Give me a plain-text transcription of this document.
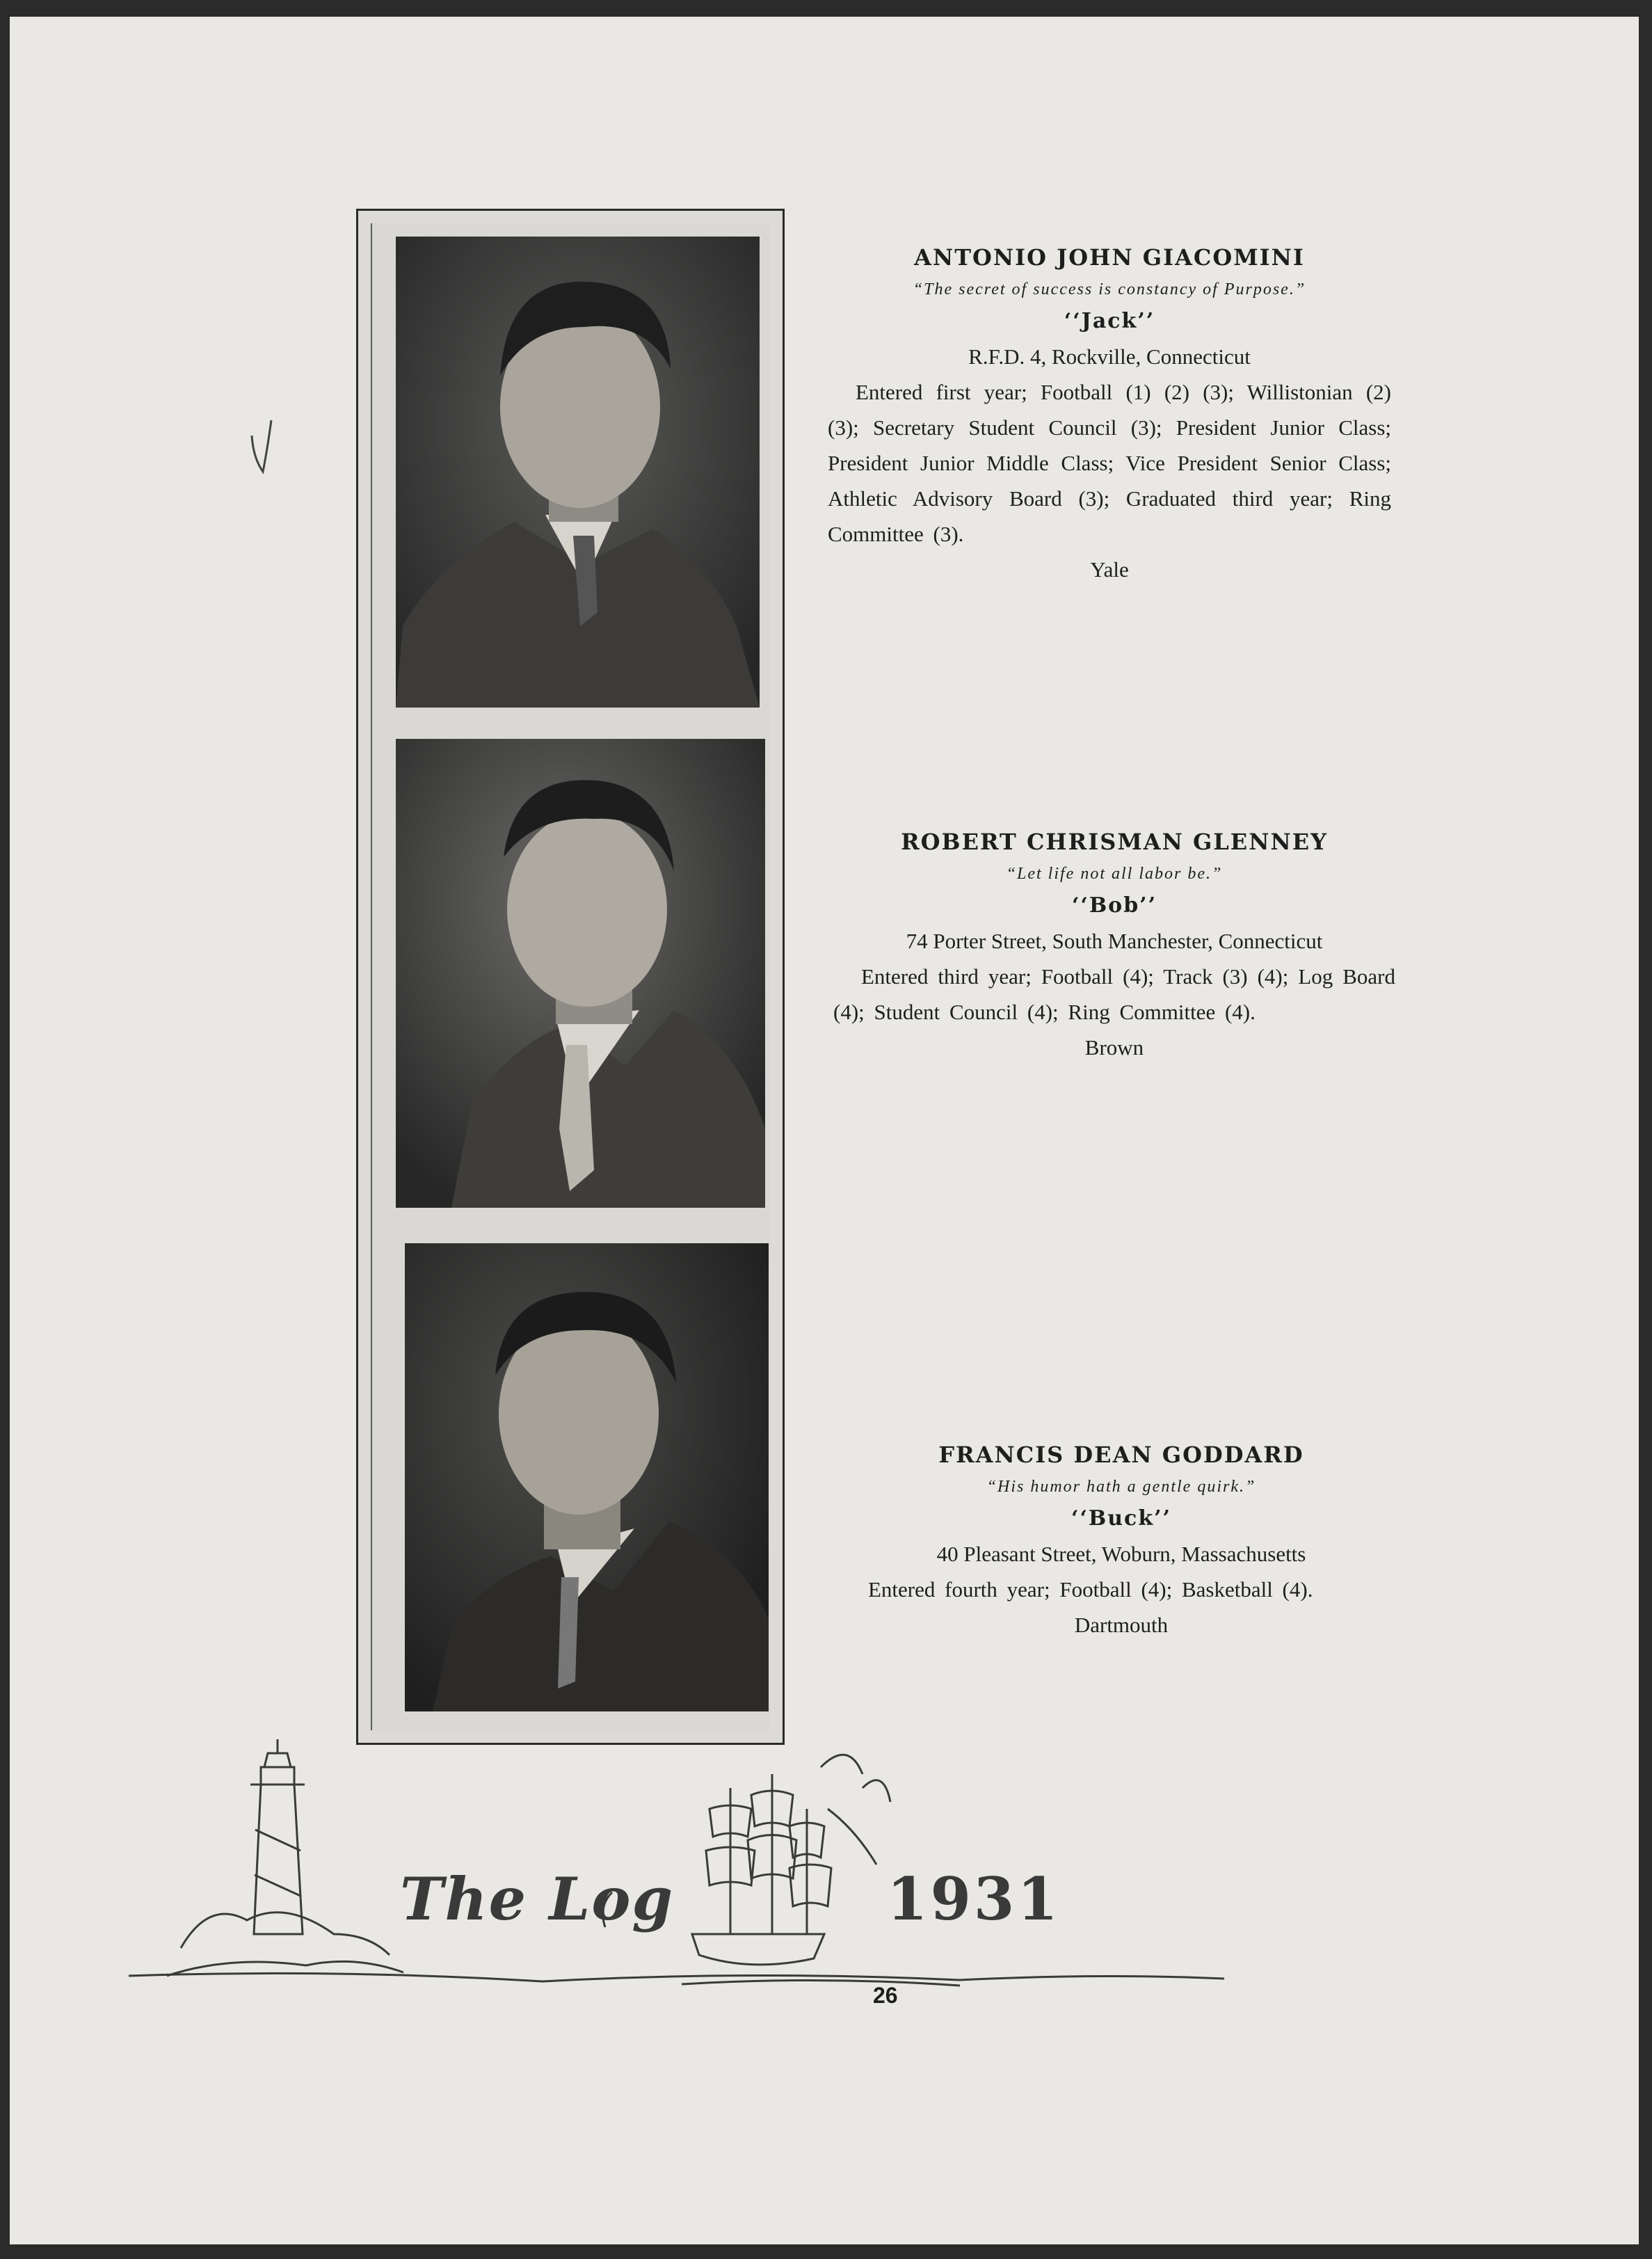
ANTONIO JOHN GIACOMINI
“The secret of success is constancy of Purpose.”
‘‘Jack’’
R.F.D. 4, Rockville, Connecticut
Entered first year; Football (1) (2) (3); Willistonian (2) (3); Secretary Student Council (3); President Junior Class; President Junior Middle Class; Vice President Senior Class; Athletic Advisory Board (3); Graduated third year; Ring Committee (3).
Yale
ROBERT CHRISMAN GLENNEY
“Let life not all labor be.”
‘‘Bob’’
74 Porter Street, South Manchester, Connecticut
Entered third year; Football (4); Track (3) (4); Log Board (4); Student Council (4); Ring Committee (4).
Brown
FRANCIS DEAN GODDARD
“His humor hath a gentle quirk.”
‘‘Buck’’
40 Pleasant Street, Woburn, Massachusetts
Entered fourth year; Football (4); Basketball (4).
Dartmouth
The Log	1931
26
